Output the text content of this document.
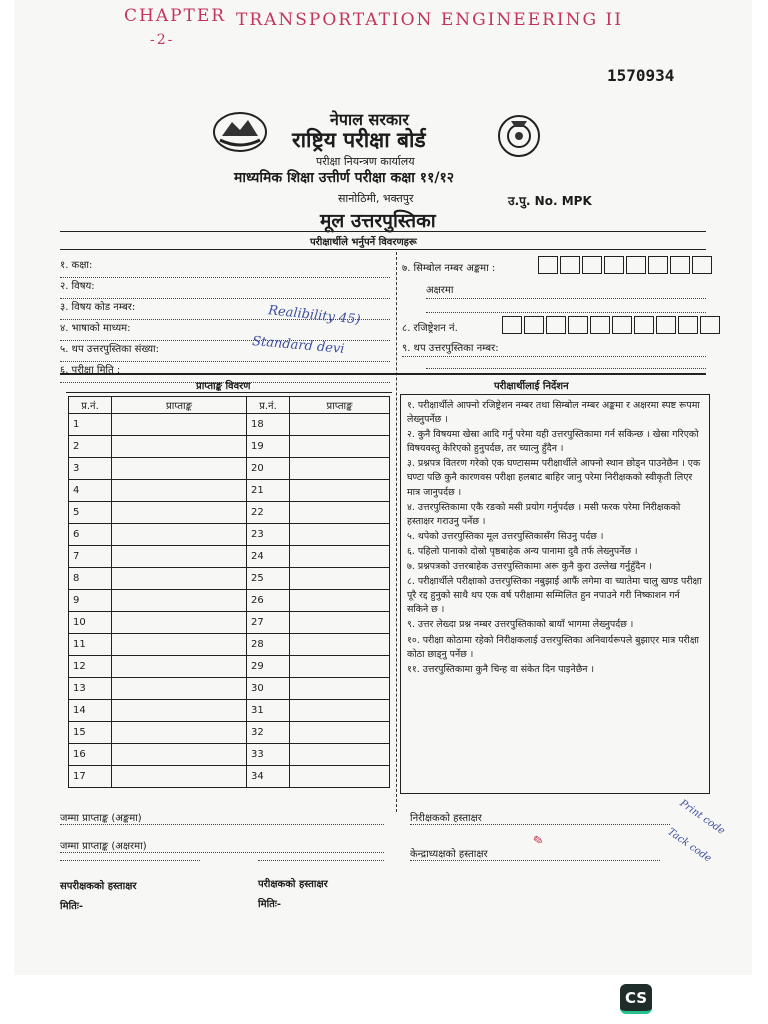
CHAPTER
-2-
TRANSPORTATION ENGINEERING II
1570934
नेपाल सरकार
राष्ट्रिय परीक्षा बोर्ड
परीक्षा नियन्त्रण कार्यालय
माध्यमिक शिक्षा उत्तीर्ण परीक्षा कक्षा ११/१२
सानोठिमी, भक्तपुर	उ.पु. No. MPK
मूल उत्तरपुस्तिका
परीक्षार्थीले भर्नुपर्ने विवरणहरू
१. कक्षा:
२. विषय:
३. विषय कोड नम्बर:
४. भाषाको माध्यम:
५. थप उत्तरपुस्तिका संख्या:
६. परीक्षा मिति :
Realibility 45)
Standard devi
७. सिम्बोल नम्बर अङ्कमा :
अक्षरमा
८. रजिष्ट्रेशन नं.
९. थप उत्तरपुस्तिका नम्बर:
प्राप्ताङ्क विवरण
प्र.नं.	प्राप्ताङ्क	प्र.नं.	प्राप्ताङ्क
1		18	
2		19	
3		20	
4		21	
5		22	
6		23	
7		24	
8		25	
9		26	
10		27	
11		28	
12		29	
13		30	
14		31	
15		32	
16		33	
17		34	
परीक्षार्थीलाई निर्देशन
१. परीक्षार्थीले आफ्नो रजिष्ट्रेशन नम्बर तथा सिम्बोल नम्बर अङ्कमा र अक्षरमा स्पष्ट रूपमा लेख्नुपर्नेछ ।
२. कुनै विषयमा खेस्रा आदि गर्नु परेमा यही उत्तरपुस्तिकामा गर्न सकिन्छ । खेस्रा गरिएको विषयवस्तु केरिएको हुनुपर्दछ, तर च्यात्नु हुँदैन ।
३. प्रश्नपत्र वितरण गरेको एक घण्टासम्म परीक्षार्थीले आफ्नो स्थान छोड्न पाउनेछैन । एक घण्टा पछि कुनै कारणवस परीक्षा हलबाट बाहिर जानु परेमा निरीक्षकको स्वीकृती लिएर मात्र जानुपर्दछ ।
४. उत्तरपुस्तिकामा एकै रङको मसी प्रयोग गर्नुपर्दछ । मसी फरक परेमा निरीक्षकको हस्ताक्षर गराउनु पर्नेछ ।
५. थपेको उत्तरपुस्तिका मूल उत्तरपुस्तिकासँग सिउनु पर्दछ ।
६. पहिलो पानाको दोस्रो पृष्ठबाहेक अन्य पानामा दुवै तर्फ लेख्नुपर्नेछ ।
७. प्रश्नपत्रको उत्तरबाहेक उत्तरपुस्तिकामा अरू कुनै कुरा उल्लेख गर्नुहुँदैन ।
८. परीक्षार्थीले परीक्षाको उत्तरपुस्तिका नबुझाई आफैं लगेमा वा च्यातेमा चालु खण्ड परीक्षा पूरै रद्द हुनुको साथै थप एक वर्ष परीक्षामा सम्मिलित हुन नपाउने गरी निष्काशन गर्न सकिने छ ।
९. उत्तर लेख्दा प्रश्न नम्बर उत्तरपुस्तिकाको बायाँ भागमा लेख्नुपर्दछ ।
१०. परीक्षा कोठामा रहेको निरीक्षकलाई उत्तरपुस्तिका अनिवार्यरूपले बुझाएर मात्र परीक्षा कोठा छाड्नु पर्नेछ ।
११. उत्तरपुस्तिकामा कुनै चिन्ह वा संकेत दिन पाइनेछैन ।
जम्मा प्राप्ताङ्क (अङ्कमा)
जम्मा प्राप्ताङ्क (अक्षरमा)
सपरीक्षकको हस्ताक्षर	परीक्षकको हस्ताक्षर
मितिः-	मितिः-
निरीक्षकको हस्ताक्षर
केन्द्राध्यक्षको हस्ताक्षर
✎
Print code
Tack code
CS
